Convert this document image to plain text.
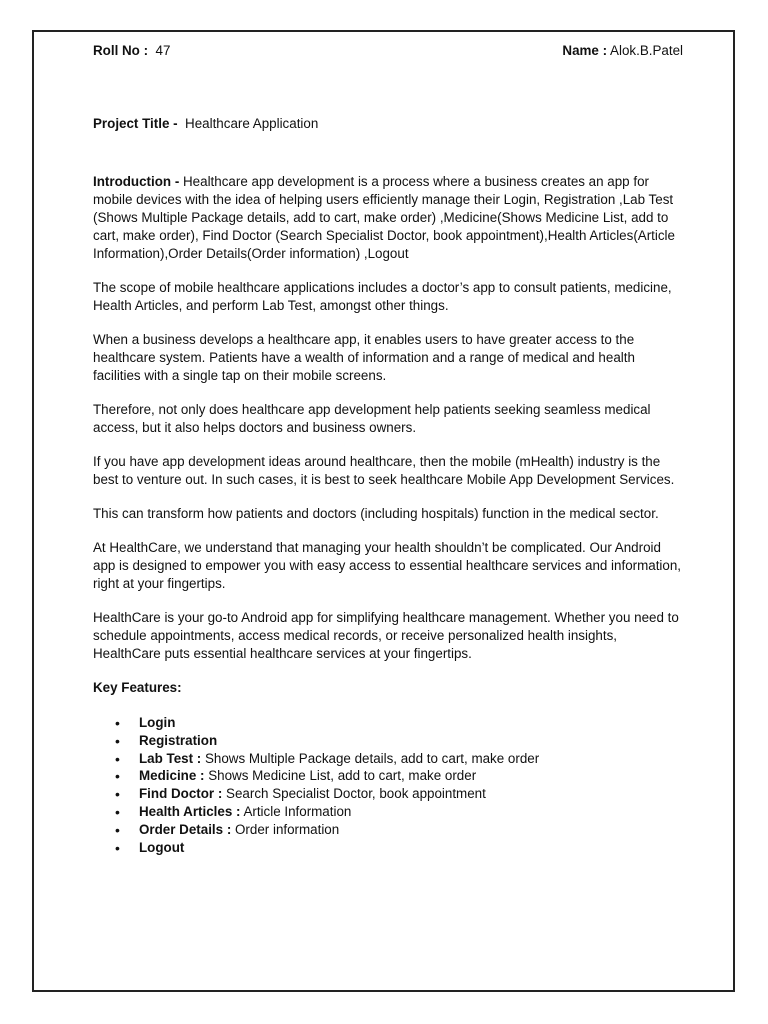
Roll No : 47	Name : Alok.B.Patel

Project Title - Healthcare Application

Introduction - Healthcare app development is a process where a business creates an app for mobile devices with the idea of helping users efficiently manage their Login, Registration ,Lab Test (Shows Multiple Package details, add to cart, make order) ,Medicine(Shows Medicine List, add to cart, make order), Find Doctor (Search Specialist Doctor, book appointment),Health Articles(Article Information),Order Details(Order information) ,Logout

The scope of mobile healthcare applications includes a doctor’s app to consult patients, medicine, Health Articles, and perform Lab Test, amongst other things.

When a business develops a healthcare app, it enables users to have greater access to the healthcare system. Patients have a wealth of information and a range of medical and health facilities with a single tap on their mobile screens.

Therefore, not only does healthcare app development help patients seeking seamless medical access, but it also helps doctors and business owners.

If you have app development ideas around healthcare, then the mobile (mHealth) industry is the best to venture out. In such cases, it is best to seek healthcare Mobile App Development Services.

This can transform how patients and doctors (including hospitals) function in the medical sector.

At HealthCare, we understand that managing your health shouldn’t be complicated. Our Android app is designed to empower you with easy access to essential healthcare services and information, right at your fingertips.

HealthCare is your go-to Android app for simplifying healthcare management. Whether you need to schedule appointments, access medical records, or receive personalized health insights, HealthCare puts essential healthcare services at your fingertips.

Key Features:

• Login
• Registration
• Lab Test : Shows Multiple Package details, add to cart, make order
• Medicine : Shows Medicine List, add to cart, make order
• Find Doctor : Search Specialist Doctor, book appointment
• Health Articles : Article Information
• Order Details : Order information
• Logout
